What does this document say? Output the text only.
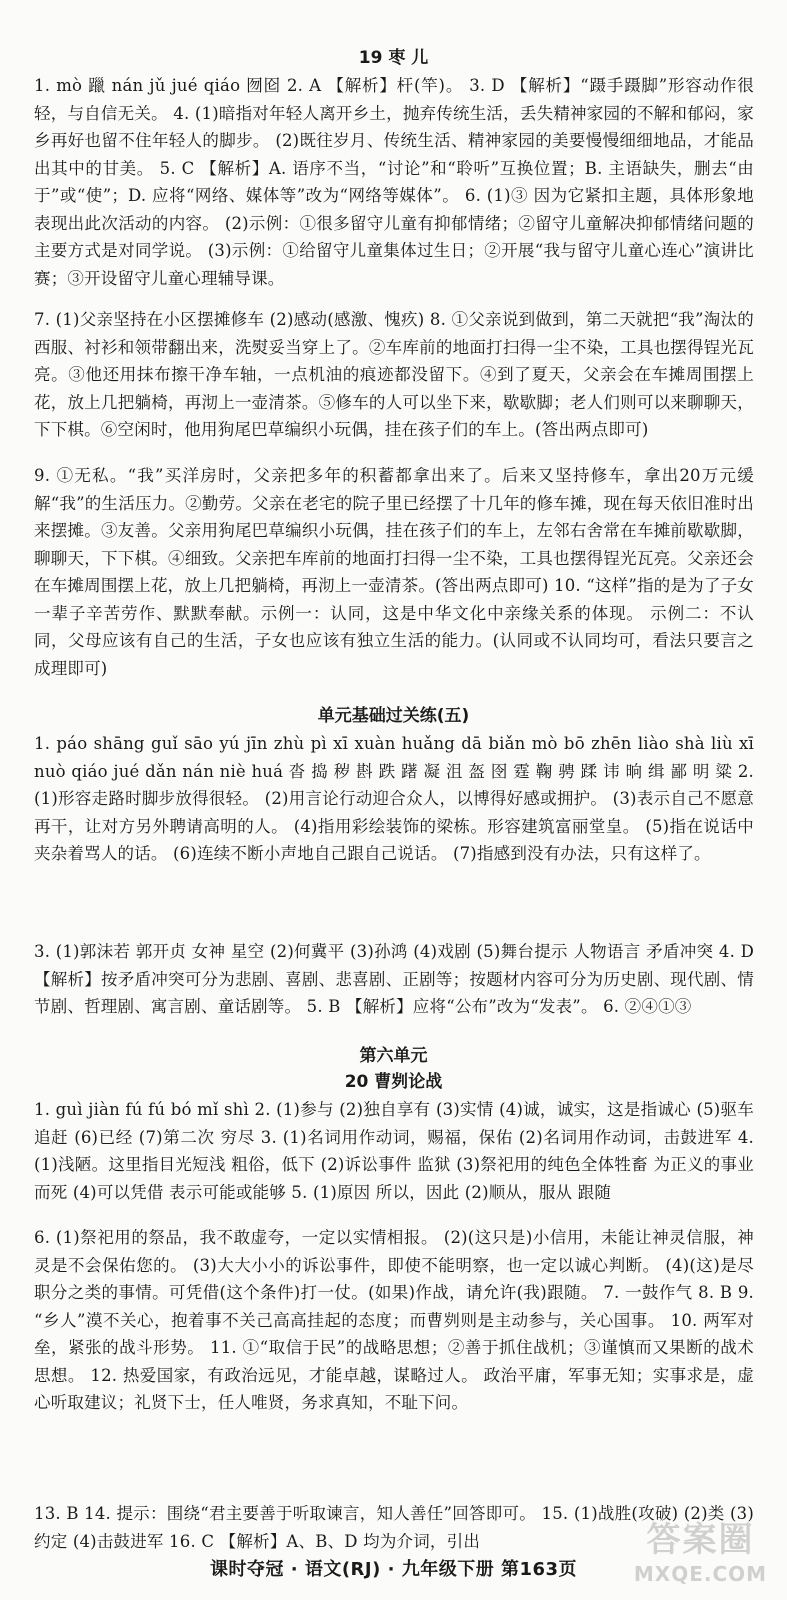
19 枣 儿

1. mò 躐 nán jǔ jué qiáo 囫囵 2. A 【解析】杆(竿)。 3. D 【解析】“蹑手蹑脚”形容动作很轻，与自信无关。 4. (1)暗指对年轻人离开乡土，抛弃传统生活，丢失精神家园的不解和郁闷，家乡再好也留不住年轻人的脚步。 (2)既往岁月、传统生活、精神家园的美要慢慢细细地品，才能品出其中的甘美。 5. C 【解析】A. 语序不当，“讨论”和“聆听”互换位置；B. 主语缺失，删去“由于”或“使”；D. 应将“网络、媒体等”改为“网络等媒体”。 6. (1)③ 因为它紧扣主题，具体形象地表现出此次活动的内容。 (2)示例：①很多留守儿童有抑郁情绪；②留守儿童解决抑郁情绪问题的主要方式是对同学说。 (3)示例：①给留守儿童集体过生日；②开展“我与留守儿童心连心”演讲比赛；③开设留守儿童心理辅导课。

7. (1)父亲坚持在小区摆摊修车 (2)感动(感激、愧疚) 8. ①父亲说到做到，第二天就把“我”淘汰的西服、衬衫和领带翻出来，洗熨妥当穿上了。②车库前的地面打扫得一尘不染，工具也摆得锃光瓦亮。③他还用抹布擦干净车轴，一点机油的痕迹都没留下。④到了夏天，父亲会在车摊周围摆上花，放上几把躺椅，再沏上一壶清茶。⑤修车的人可以坐下来，歇歇脚；老人们则可以来聊聊天，下下棋。⑥空闲时，他用狗尾巴草编织小玩偶，挂在孩子们的车上。(答出两点即可)

9. ①无私。“我”买洋房时，父亲把多年的积蓄都拿出来了。后来又坚持修车，拿出20万元缓解“我”的生活压力。②勤劳。父亲在老宅的院子里已经摆了十几年的修车摊，现在每天依旧准时出来摆摊。③友善。父亲用狗尾巴草编织小玩偶，挂在孩子们的车上，左邻右舍常在车摊前歇歇脚，聊聊天，下下棋。④细致。父亲把车库前的地面打扫得一尘不染，工具也摆得锃光瓦亮。父亲还会在车摊周围摆上花，放上几把躺椅，再沏上一壶清茶。(答出两点即可) 10. “这样”指的是为了子女一辈子辛苦劳作、默默奉献。示例一：认同，这是中华文化中亲缘关系的体现。 示例二：不认同，父母应该有自己的生活，子女也应该有独立生活的能力。(认同或不认同均可，看法只要言之成理即可)

单元基础过关练(五)

1. páo shāng guǐ sāo yú jīn zhù pì xī xuàn huǎng dā biǎn mò bō zhēn liào shà liù xī nuò qiáo jué dǎn nán niè huá 沓 捣 秽 斟 跌 躇 凝 沮 盔 囹 霆 鞠 骋 蹂 讳 晌 缉 鄙 明 粱 2. (1)形容走路时脚步放得很轻。 (2)用言论行动迎合众人，以博得好感或拥护。 (3)表示自己不愿意再干，让对方另外聘请高明的人。 (4)指用彩绘装饰的梁栋。形容建筑富丽堂皇。 (5)指在说话中夹杂着骂人的话。 (6)连续不断小声地自己跟自己说话。 (7)指感到没有办法，只有这样了。

3. (1)郭沫若 郭开贞 女神 星空 (2)何冀平 (3)孙鸿 (4)戏剧 (5)舞台提示 人物语言 矛盾冲突 4. D 【解析】按矛盾冲突可分为悲剧、喜剧、悲喜剧、正剧等；按题材内容可分为历史剧、现代剧、情节剧、哲理剧、寓言剧、童话剧等。 5. B 【解析】应将“公布”改为“发表”。 6. ②④①③

第六单元
20 曹刿论战

1. guì jiàn fú fú bó mǐ shì 2. (1)参与 (2)独自享有 (3)实情 (4)诚，诚实，这是指诚心 (5)驱车追赶 (6)已经 (7)第二次 穷尽 3. (1)名词用作动词，赐福，保佑 (2)名词用作动词，击鼓进军 4. (1)浅陋。这里指目光短浅 粗俗，低下 (2)诉讼事件 监狱 (3)祭祀用的纯色全体牲畜 为正义的事业而死 (4)可以凭借 表示可能或能够 5. (1)原因 所以，因此 (2)顺从，服从 跟随

6. (1)祭祀用的祭品，我不敢虚夸，一定以实情相报。 (2)(这只是)小信用，未能让神灵信服，神灵是不会保佑您的。 (3)大大小小的诉讼事件，即使不能明察，也一定以诚心判断。 (4)(这)是尽职分之类的事情。可凭借(这个条件)打一仗。(如果)作战，请允许(我)跟随。 7. 一鼓作气 8. B 9. “乡人”漠不关心，抱着事不关己高高挂起的态度；而曹刿则是主动参与，关心国事。 10. 两军对垒，紧张的战斗形势。 11. ①“取信于民”的战略思想；②善于抓住战机；③谨慎而又果断的战术思想。 12. 热爱国家，有政治远见，才能卓越，谋略过人。 政治平庸，军事无知；实事求是，虚心听取建议；礼贤下士，任人唯贤，务求真知，不耻下问。

13. B 14. 提示：围绕“君主要善于听取谏言，知人善任”回答即可。 15. (1)战胜(攻破) (2)类 (3)约定 (4)击鼓进军 16. C 【解析】A、B、D 均为介词，引出

课时夺冠 · 语文(RJ) · 九年级下册 第163页
答案圈
MXQE.COM
